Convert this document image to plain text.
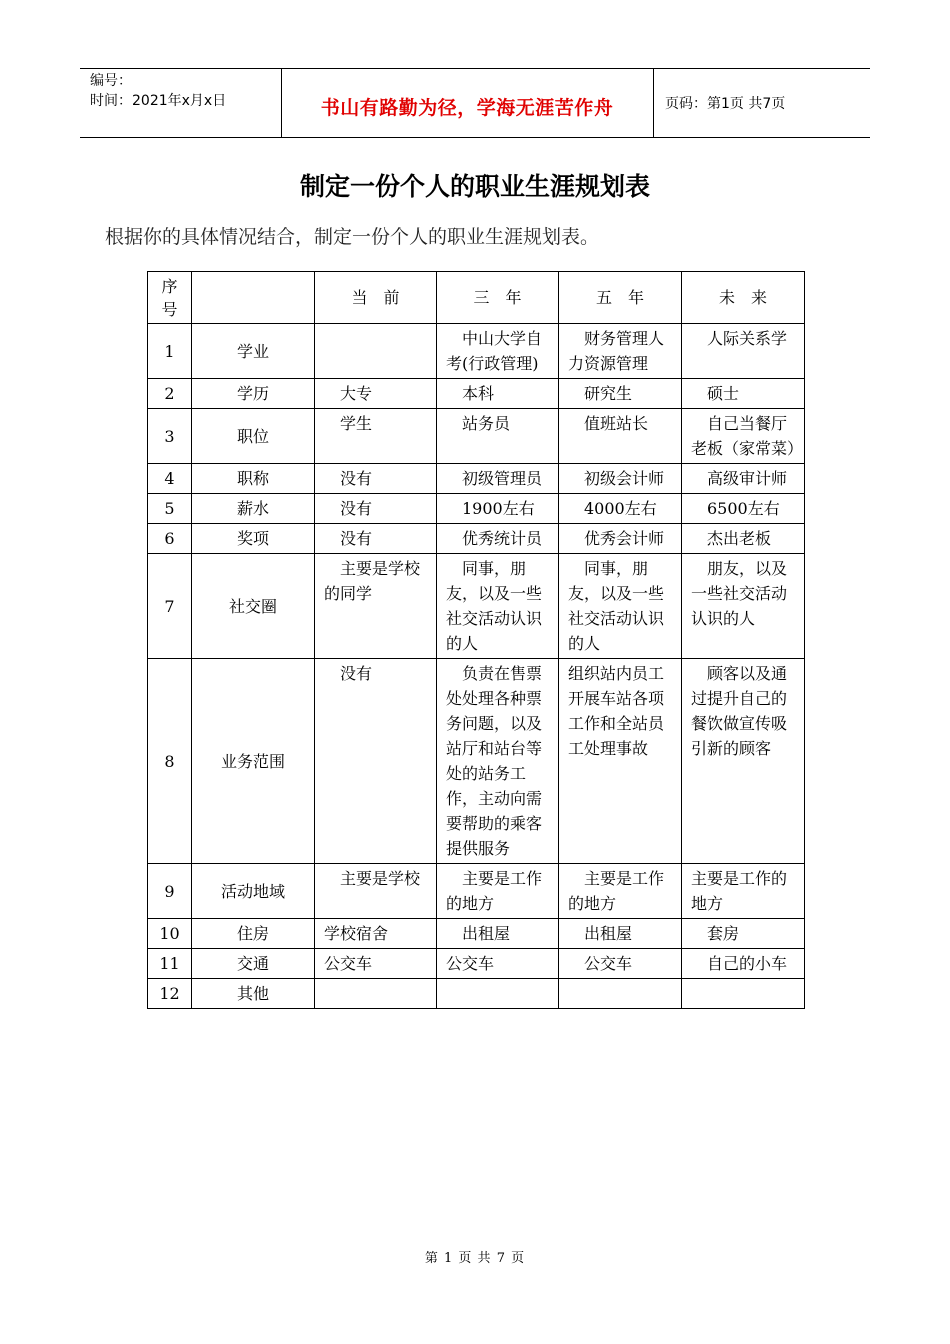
编号：
时间：2021年x月x日	书山有路勤为径，学海无涯苦作舟	页码：第1页 共7页
制定一份个人的职业生涯规划表
根据你的具体情况结合，制定一份个人的职业生涯规划表。
序号		当　前	三　年	五　年	未　来
1	学业		　中山大学自考(行政管理)	　财务管理人力资源管理	　人际关系学
2	学历	　大专	　本科	　研究生	　硕士
3	职位	　学生	　站务员	　值班站长	　自己当餐厅老板（家常菜）
4	职称	　没有	　初级管理员	　初级会计师	　高级审计师
5	薪水	　没有	　1900左右	　4000左右	　6500左右
6	奖项	　没有	　优秀统计员	　优秀会计师	　杰出老板
7	社交圈	　主要是学校的同学	　同事，朋友，以及一些社交活动认识的人	　同事，朋友，以及一些社交活动认识的人	　朋友，以及一些社交活动认识的人
8	业务范围	　没有	　负责在售票处处理各种票务问题，以及站厅和站台等处的站务工作，主动向需要帮助的乘客提供服务	组织站内员工开展车站各项工作和全站员工处理事故	　顾客以及通过提升自己的餐饮做宣传吸引新的顾客
9	活动地域	　主要是学校	　主要是工作的地方	　主要是工作的地方	主要是工作的地方
10	住房	学校宿舍	　出租屋	　出租屋	　套房
11	交通	公交车	公交车	　公交车	　自己的小车
12	其他				
第 1 页 共 7 页
